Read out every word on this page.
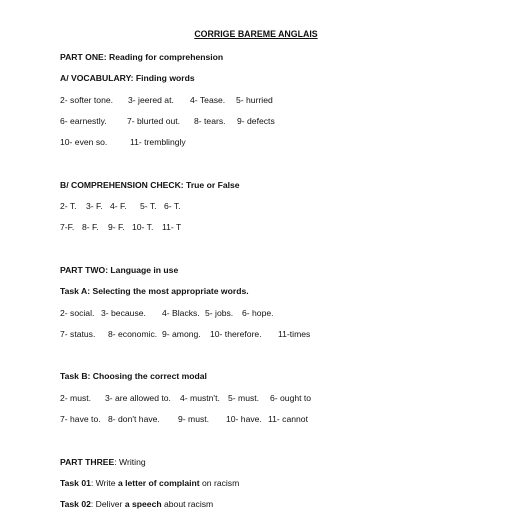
CORRIGE BAREME ANGLAIS
PART ONE: Reading for comprehension
A/ VOCABULARY: Finding words
2- softer tone. 3- jeered at. 4- Tease. 5- hurried
6- earnestly. 7- blurted out. 8- tears. 9- defects
10- even so.	11- tremblingly
B/ COMPREHENSION CHECK: True or False
2- T. 3- F. 4- F. 5- T. 6- T.
7-F. 8- F. 9- F. 10- T. 11- T
PART TWO: Language in use
Task A: Selecting the most appropriate words.
2- social. 3- because. 4- Blacks. 5- jobs. 6- hope.
7- status. 8- economic. 9- among. 10- therefore. 11-times
Task B: Choosing the correct modal
2- must. 3- are allowed to. 4- mustn't. 5- must. 6- ought to
7- have to. 8- don't have. 9- must. 10- have. 11- cannot
PART THREE: Writing
Task 01: Write a letter of complaint on racism
Task 02: Deliver a speech about racism
